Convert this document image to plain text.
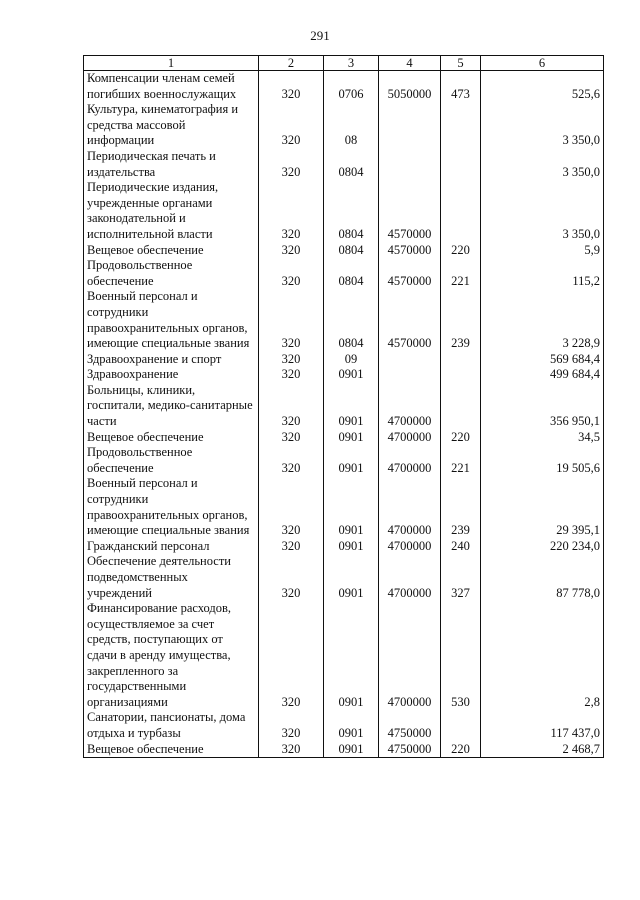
291
1	2	3	4	5	6
Компенсации членам семей погибших военнослужащих	320	0706	5050000	473	525,6
Культура, кинематография и средства массовой информации	320	08			3 350,0
Периодическая печать и издательства	320	0804			3 350,0
Периодические издания, учрежденные органами законодательной и исполнительной власти	320	0804	4570000		3 350,0
Вещевое обеспечение	320	0804	4570000	220	5,9
Продовольственное обеспечение	320	0804	4570000	221	115,2
Военный персонал и сотрудники правоохранительных органов, имеющие специальные звания	320	0804	4570000	239	3 228,9
Здравоохранение и спорт	320	09			569 684,4
Здравоохранение	320	0901			499 684,4
Больницы, клиники, госпитали, медико-санитарные части	320	0901	4700000		356 950,1
Вещевое обеспечение	320	0901	4700000	220	34,5
Продовольственное обеспечение	320	0901	4700000	221	19 505,6
Военный персонал и сотрудники правоохранительных органов, имеющие специальные звания	320	0901	4700000	239	29 395,1
Гражданский персонал	320	0901	4700000	240	220 234,0
Обеспечение деятельности подведомственных учреждений	320	0901	4700000	327	87 778,0
Финансирование расходов, осуществляемое за счет средств, поступающих от сдачи в аренду имущества, закрепленного за государственными организациями	320	0901	4700000	530	2,8
Санатории, пансионаты, дома отдыха и турбазы	320	0901	4750000		117 437,0
Вещевое обеспечение	320	0901	4750000	220	2 468,7
